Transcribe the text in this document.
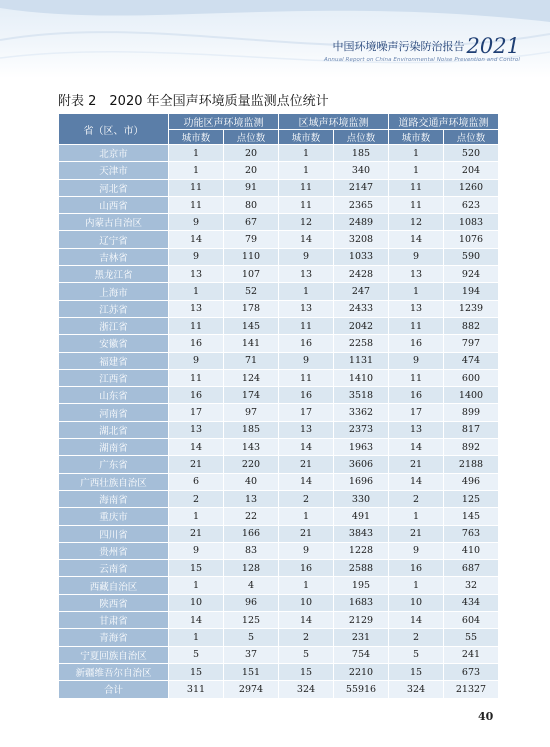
中国环境噪声污染防治报告2021
Annual Report on China Environmental Noise Prevention and Control
附表 2　2020 年全国声环境质量监测点位统计
省（区、市）	功能区声环境监测		区域声环境监测		道路交通声环境监测	
	城市数	点位数	城市数	点位数	城市数	点位数
北京市	1	20	1	185	1	520
天津市	1	20	1	340	1	204
河北省	11	91	11	2147	11	1260
山西省	11	80	11	2365	11	623
内蒙古自治区	9	67	12	2489	12	1083
辽宁省	14	79	14	3208	14	1076
吉林省	9	110	9	1033	9	590
黑龙江省	13	107	13	2428	13	924
上海市	1	52	1	247	1	194
江苏省	13	178	13	2433	13	1239
浙江省	11	145	11	2042	11	882
安徽省	16	141	16	2258	16	797
福建省	9	71	9	1131	9	474
江西省	11	124	11	1410	11	600
山东省	16	174	16	3518	16	1400
河南省	17	97	17	3362	17	899
湖北省	13	185	13	2373	13	817
湖南省	14	143	14	1963	14	892
广东省	21	220	21	3606	21	2188
广西壮族自治区	6	40	14	1696	14	496
海南省	2	13	2	330	2	125
重庆市	1	22	1	491	1	145
四川省	21	166	21	3843	21	763
贵州省	9	83	9	1228	9	410
云南省	15	128	16	2588	16	687
西藏自治区	1	4	1	195	1	32
陕西省	10	96	10	1683	10	434
甘肃省	14	125	14	2129	14	604
青海省	1	5	2	231	2	55
宁夏回族自治区	5	37	5	754	5	241
新疆维吾尔自治区	15	151	15	2210	15	673
合计	311	2974	324	55916	324	21327
40
